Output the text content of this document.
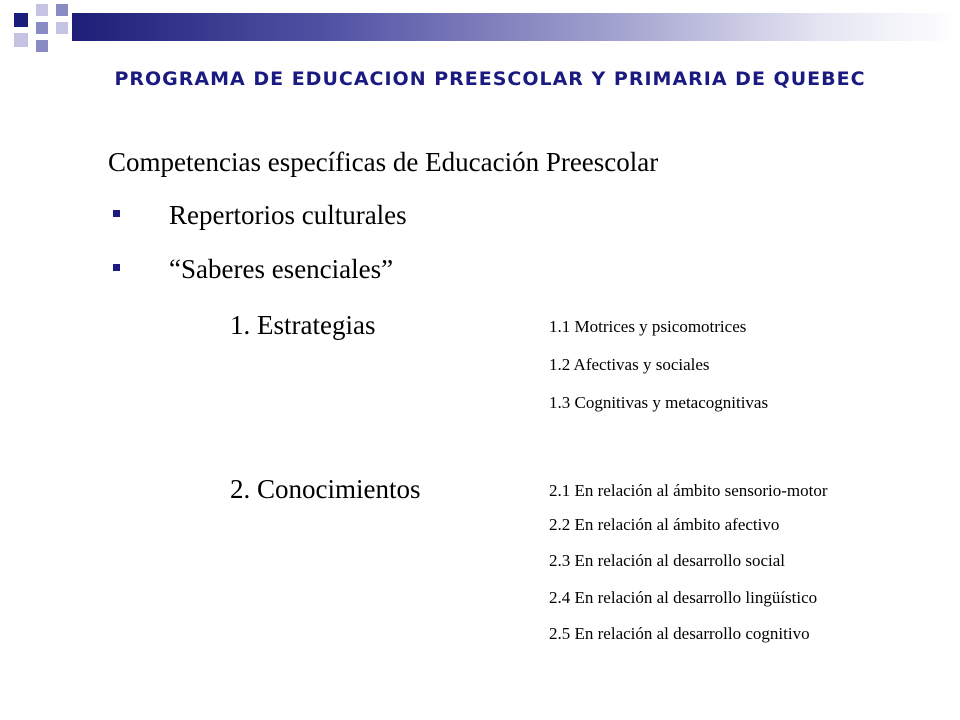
PROGRAMA DE EDUCACION PREESCOLAR Y PRIMARIA DE QUEBEC
Competencias específicas de Educación Preescolar
Repertorios culturales
“Saberes esenciales”
1. Estrategias	1.1 Motrices y psicomotrices
1.2 Afectivas y sociales
1.3 Cognitivas y metacognitivas
2. Conocimientos	2.1 En relación al ámbito sensorio-motor
2.2 En relación al ámbito afectivo
2.3 En relación al desarrollo social
2.4 En relación al desarrollo lingüístico
2.5 En relación al desarrollo cognitivo
